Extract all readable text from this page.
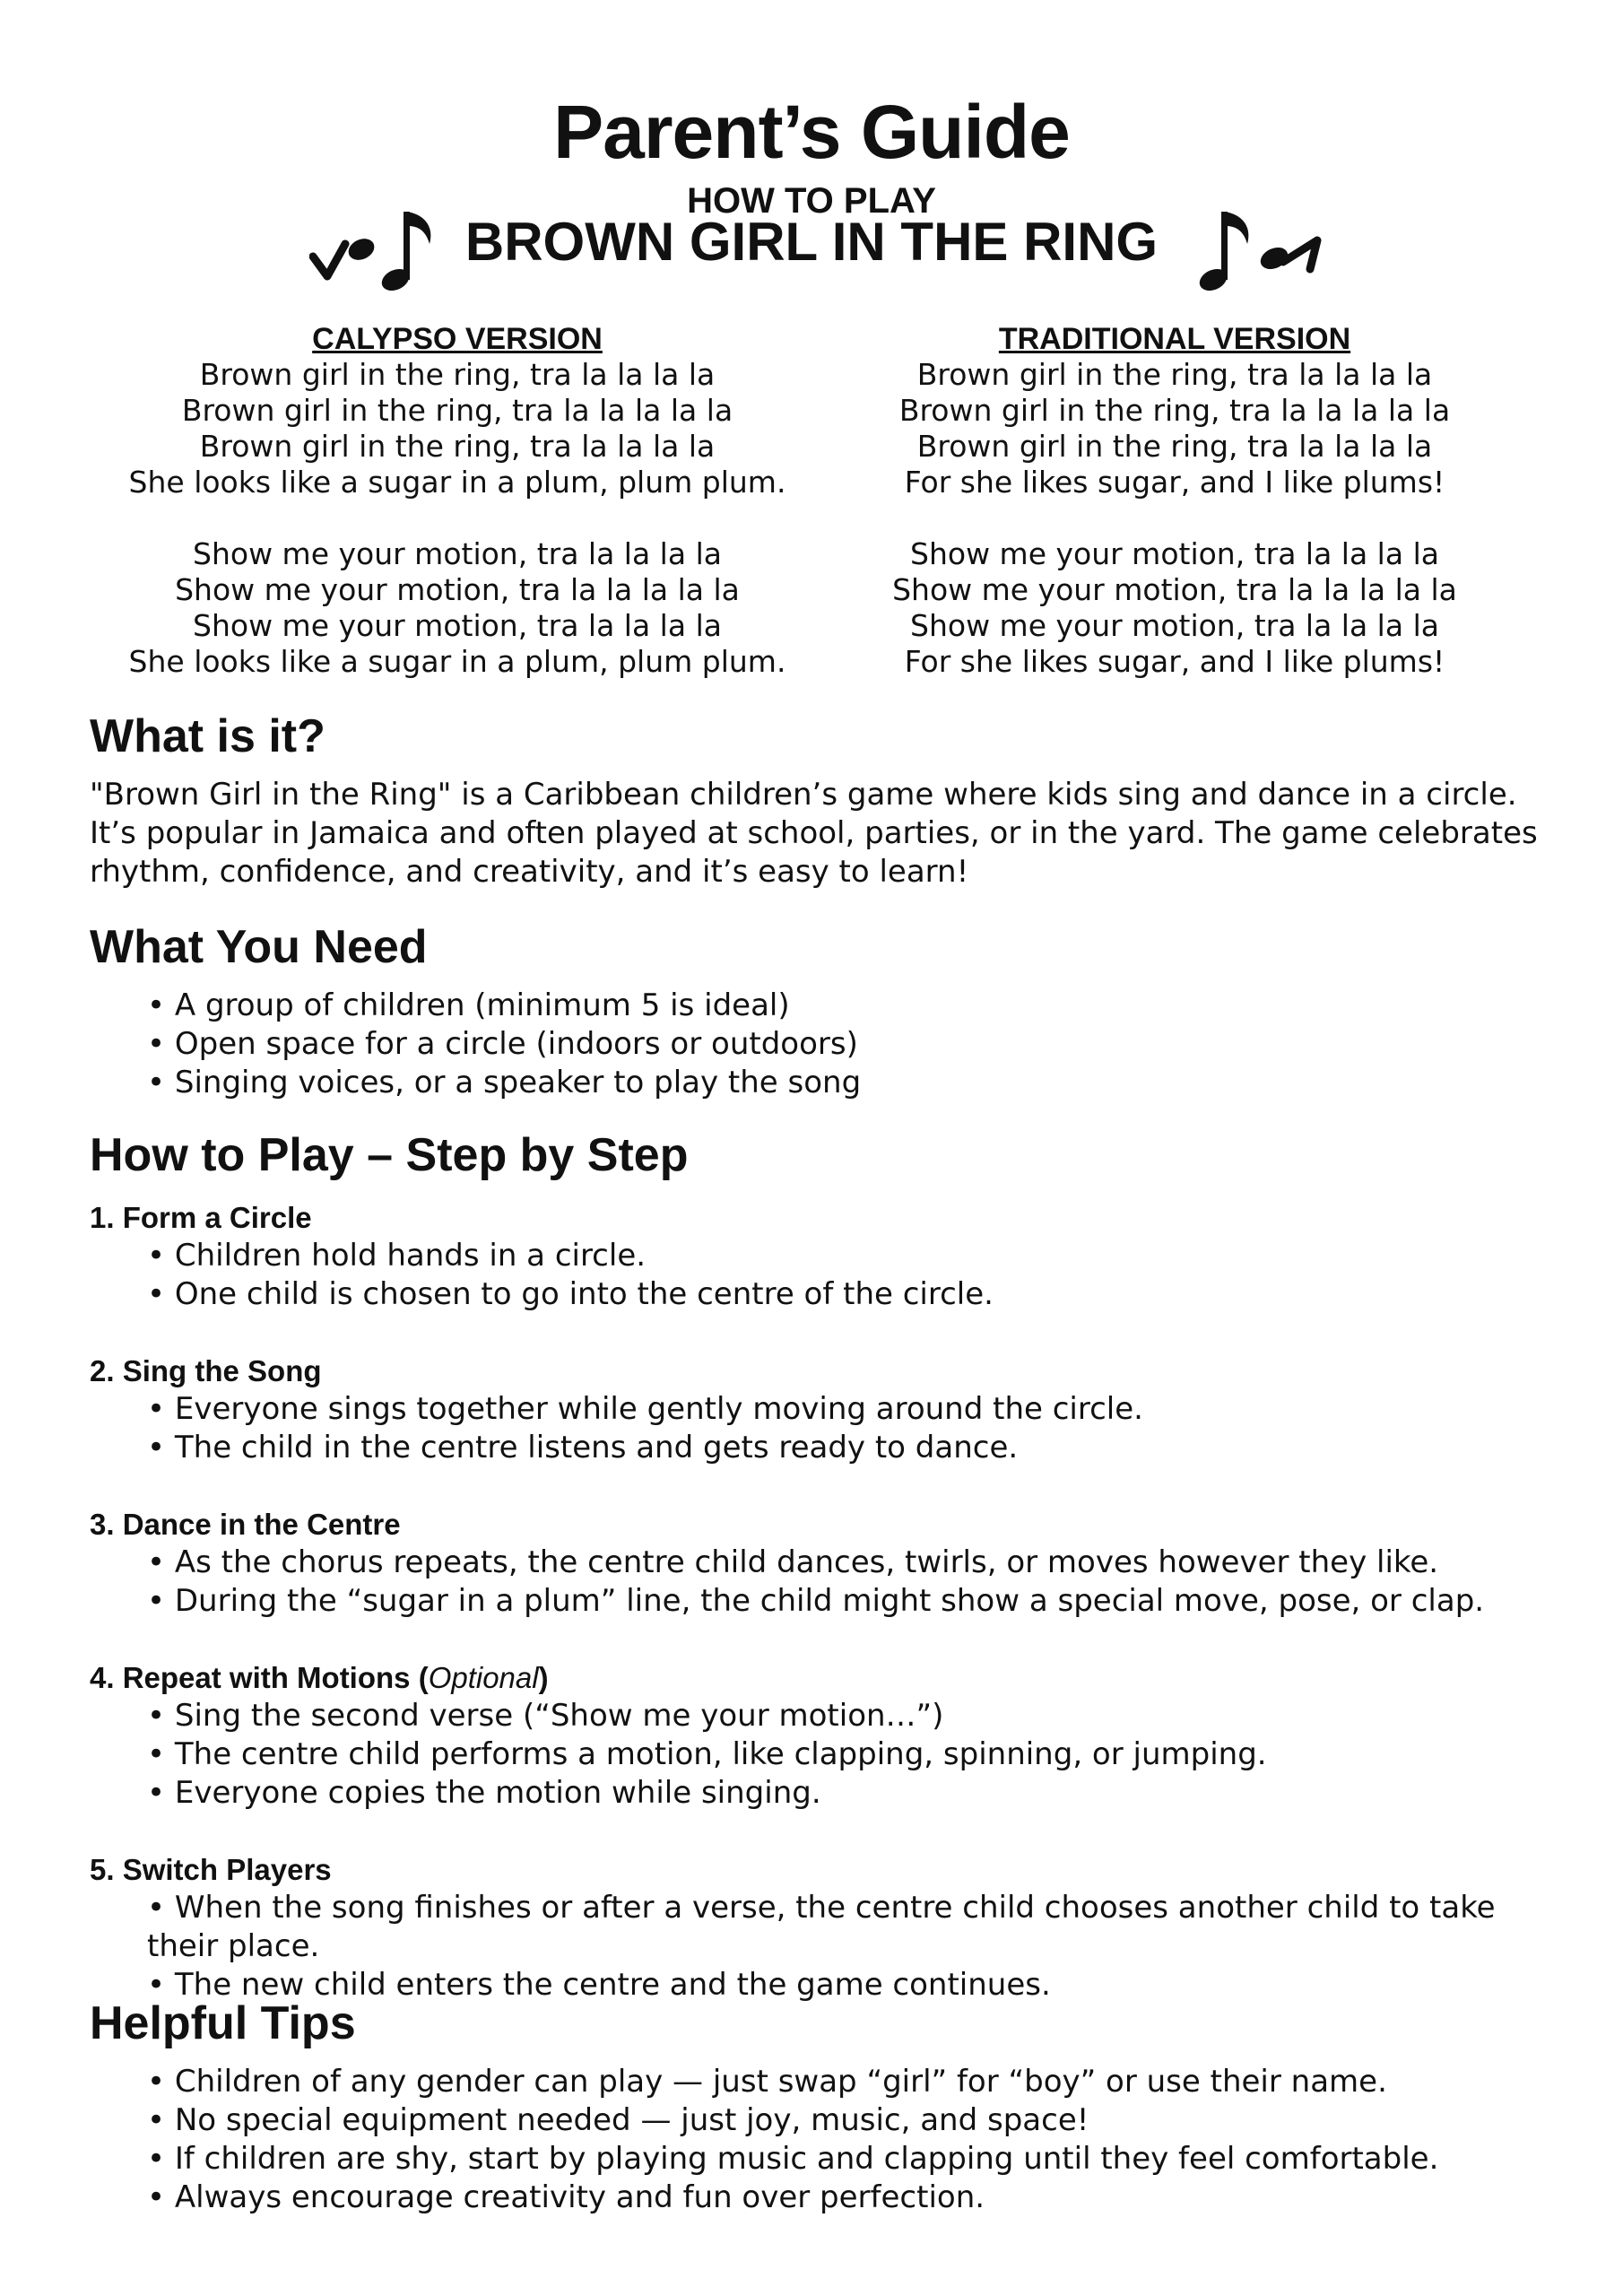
Parent’s Guide
HOW TO PLAY
BROWN GIRL IN THE RING
CALYPSO VERSION
Brown girl in the ring, tra la la la la
Brown girl in the ring, tra la la la la la
Brown girl in the ring, tra la la la la
She looks like a sugar in a plum, plum plum.
Show me your motion, tra la la la la
Show me your motion, tra la la la la la
Show me your motion, tra la la la la
She looks like a sugar in a plum, plum plum.
TRADITIONAL VERSION
Brown girl in the ring, tra la la la la
Brown girl in the ring, tra la la la la la
Brown girl in the ring, tra la la la la
For she likes sugar, and I like plums!
Show me your motion, tra la la la la
Show me your motion, tra la la la la la
Show me your motion, tra la la la la
For she likes sugar, and I like plums!
What is it?
"Brown Girl in the Ring" is a Caribbean children’s game where kids sing and dance in a circle. It’s popular in Jamaica and often played at school, parties, or in the yard. The game celebrates rhythm, confidence, and creativity, and it’s easy to learn!
What You Need
• A group of children (minimum 5 is ideal)
• Open space for a circle (indoors or outdoors)
• Singing voices, or a speaker to play the song
How to Play – Step by Step
1. Form a Circle
• Children hold hands in a circle.
• One child is chosen to go into the centre of the circle.
2. Sing the Song
• Everyone sings together while gently moving around the circle.
• The child in the centre listens and gets ready to dance.
3. Dance in the Centre
• As the chorus repeats, the centre child dances, twirls, or moves however they like.
• During the “sugar in a plum” line, the child might show a special move, pose, or clap.
4. Repeat with Motions (Optional)
• Sing the second verse (“Show me your motion…”)
• The centre child performs a motion, like clapping, spinning, or jumping.
• Everyone copies the motion while singing.
5. Switch Players
• When the song finishes or after a verse, the centre child chooses another child to take their place.
• The new child enters the centre and the game continues.
Helpful Tips
• Children of any gender can play — just swap “girl” for “boy” or use their name.
• No special equipment needed — just joy, music, and space!
• If children are shy, start by playing music and clapping until they feel comfortable.
• Always encourage creativity and fun over perfection.
